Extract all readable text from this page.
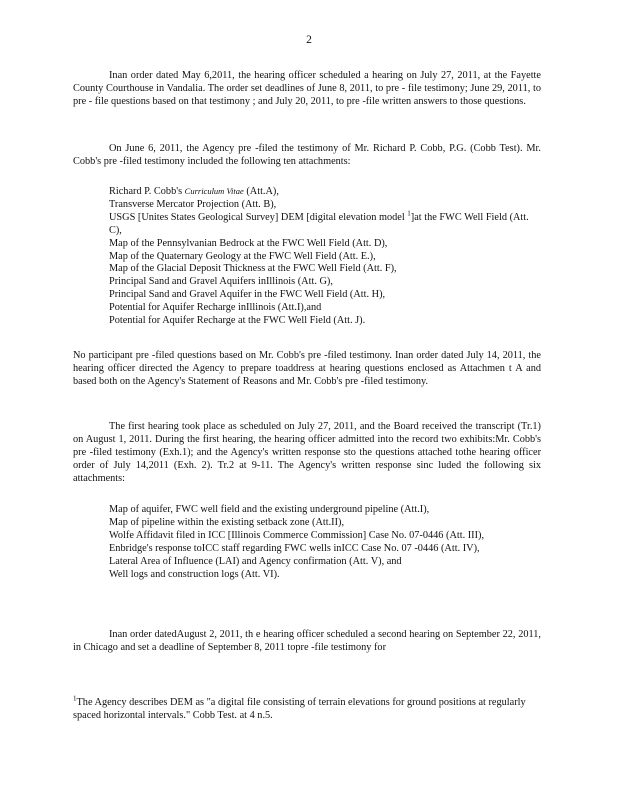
2

Inan order dated May 6,2011, the hearing officer scheduled a hearing on July 27, 2011, at the Fayette County Courthouse in Vandalia. The order set deadlines of June 8, 2011, to pre - file testimony; June 29, 2011, to pre - file questions based on that testimony ; and July 20, 2011, to pre -file written answers to those questions.

On June 6, 2011, the Agency pre -filed the testimony of Mr. Richard P. Cobb, P.G. (Cobb Test). Mr. Cobb's pre -filed testimony included the following ten attachments:

Richard P. Cobb's Curriculum Vitae (Att.A),
Transverse Mercator Projection (Att. B),
USGS [Unites States Geological Survey] DEM [digital elevation model $^1$]at the FWC Well Field (Att. C),
Map of the Pennsylvanian Bedrock at the FWC Well Field (Att. D),
Map of the Quaternary Geology at the FWC Well Field (Att. E.),
Map of the Glacial Deposit Thickness at the FWC Well Field (Att. F),
Principal Sand and Gravel Aquifers inIllinois (Att. G),
Principal Sand and Gravel Aquifer in the FWC Well Field (Att. H),
Potential for Aquifer Recharge inIllinois (Att.I),and
Potential for Aquifer Recharge at the FWC Well Field (Att. J).

No participant pre -filed questions based on Mr. Cobb's pre -filed testimony. Inan order dated July 14, 2011, the hearing officer directed the Agency to prepare toaddress at hearing questions enclosed as Attachmen t A and based both on the Agency's Statement of Reasons and Mr. Cobb's pre -filed testimony.

The first hearing took place as scheduled on July 27, 2011, and the Board received the transcript (Tr.1) on August 1, 2011. During the first hearing, the hearing officer admitted into the record two exhibits:Mr. Cobb's pre -filed testimony (Exh.1); and the Agency's written response sto the questions attached tothe hearing officer order of July 14,2011 (Exh. 2). Tr.2 at 9-11. The Agency's written response sinc luded the following six attachments:

Map of aquifer, FWC well field and the existing underground pipeline (Att.I),
Map of pipeline within the existing setback zone (Att.II),
Wolfe Affidavit filed in ICC [Illinois Commerce Commission] Case No. 07-0446 (Att. III),
Enbridge's response toICC staff regarding FWC wells inICC Case No. 07 -0446 (Att. IV),
Lateral Area of Influence (LAI) and Agency confirmation (Att. V), and
Well logs and construction logs (Att. VI).

Inan order datedAugust 2, 2011, th e hearing officer scheduled a second hearing on September 22, 2011, in Chicago and set a deadline of September 8, 2011 topre -file testimony for

$^1$The Agency describes DEM as "a digital file consisting of terrain elevations for ground positions at regularly spaced horizontal intervals." Cobb Test. at 4 n.5.
